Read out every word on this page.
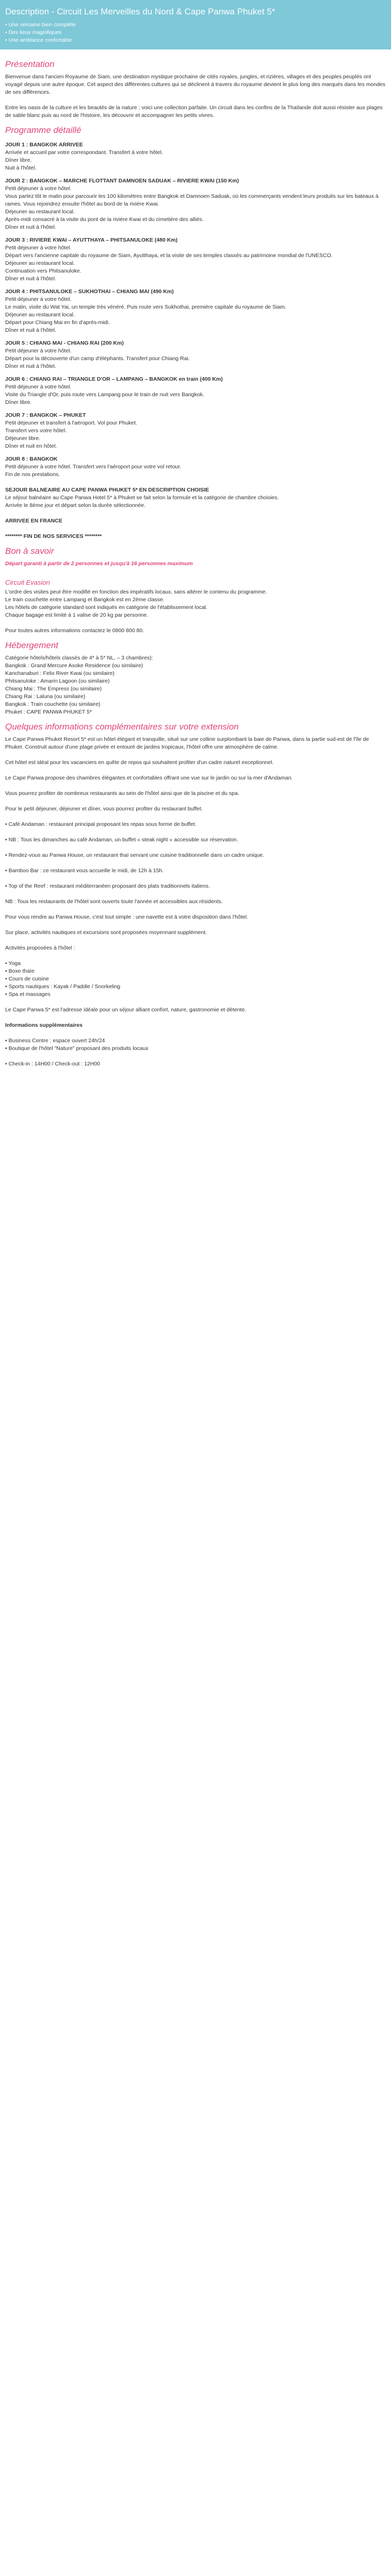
Description - Circuit Les Merveilles du Nord & Cape Panwa Phuket 5*
• Une semaine bien complète
• Des lieux magnifiques
• Une ambiance confortable
Présentation

Bienvenue dans l'ancien Royaume de Siam, une destination mystique prochaine de cités royales, jungles, et rizières, villages et des peuples peuplés ont voyagé depuis une autre époque. Cet aspect des différentes cultures qui se déclinent à travers du royaume devient le plus long des marqués dans les mondes de ses différences.

Entre les oasis de la culture et les beautés de la nature ; voici une collection parfaite. Un circuit dans les confins de la Thaïlande doit aussi résister aux plages de sable blanc puis au nord de l'histoire, les découvrir et accompagner les petits vivres.

Programme détaillé
JOUR 1 : BANGKOK ARRIVEE
Arrivée et accueil par votre correspondant. Transfert à votre hôtel.
Dîner libre.
Nuit à l'hôtel.
JOUR 2 : BANGKOK – MARCHE FLOTTANT DAMNOEN SADUAK – RIVIERE KWAI (150 Km)
Petit déjeuner à votre hôtel.
Vous partez tôt le matin pour parcourir les 100 kilomètres entre Bangkok et Damnoen Saduak, où les commerçants vendent leurs produits sur les bateaux à rames. Vous rejoindrez ensuite l'hôtel au bord de la rivière Kwai.
Déjeuner au restaurant local.
Après-midi consacré à la visite du pont de la rivière Kwai et du cimetière des alliés.
Dîner et nuit à l'hôtel.
JOUR 3 : RIVIERE KWAI – AYUTTHAYA – PHITSANULOKE (480 Km)
Petit déjeuner à votre hôtel.
Départ vers l'ancienne capitale du royaume de Siam, Ayutthaya, et la visite de ses temples classés au patrimoine mondial de l'UNESCO.
Déjeuner au restaurant local.
Continuation vers Phitsanuloke.
Dîner et nuit à l'hôtel.
JOUR 4 : PHITSANULOKE – SUKHOTHAI – CHIANG MAI (490 Km)
Petit déjeuner à votre hôtel.
Le matin, visite du Wat Yai, un temple très vénéré. Puis route vers Sukhothai, première capitale du royaume de Siam.
Déjeuner au restaurant local.
Départ pour Chiang Mai en fin d'après-midi.
Dîner et nuit à l'hôtel.
JOUR 5 : CHIANG MAI - CHIANG RAI (200 Km)
Petit déjeuner à votre hôtel.
Départ pour la découverte d'un camp d'éléphants. Transfert pour Chiang Rai.
Dîner et nuit à l'hôtel.
JOUR 6 : CHIANG RAI – TRIANGLE D'OR – LAMPANG – BANGKOK en train (400 Km)
Petit déjeuner à votre hôtel.
Visite du Triangle d'Or, puis route vers Lampang pour le train de nuit vers Bangkok.
Dîner libre.
JOUR 7 : BANGKOK – PHUKET
Petit déjeuner et transfert à l'aéroport. Vol pour Phuket.
Transfert vers votre hôtel.
Déjeuner libre.
Dîner et nuit en hôtel.
JOUR 8 : BANGKOK
Petit déjeuner à votre hôtel. Transfert vers l'aéroport pour votre vol retour.
Fin de nos prestations.
SEJOUR BALNEAIRE AU CAPE PANWA PHUKET 5* EN DESCRIPTION CHOISIE
Le séjour balnéaire au Cape Panwa Hotel 5* à Phuket se fait selon la formule et la catégorie de chambre choisies.
Arrivée le 8ème jour et départ selon la durée sélectionnée.
ARRIVEE EN FRANCE
******** FIN DE NOS SERVICES ********
Bon à savoir
Départ garanti à partir de 2 personnes et jusqu'à 16 personnes maximum
Circuit Evasion
L'ordre des visites peut être modifié en fonction des impératifs locaux, sans altérer le contenu du programme.
Le train couchette entre Lampang et Bangkok est en 2ème classe.
Les hôtels de catégorie standard sont indiqués en catégorie de l'établissement local.
Chaque bagage est limité à 1 valise de 20 kg par personne.
Pour toutes autres informations contactez le 0800 800 80.
Hébergement
Catégorie hôtels/hôtels classés de 4* à 5* NL, – 3 chambres):
Bangkok : Grand Mercure Asoke Residence (ou similaire)
Kanchanaburi : Felix River Kwai (ou similaire)
Phitsanuloke : Amarin Lagoon (ou similaire)
Chiang Mai : The Empress (ou similaire)
Chiang Rai : Laluna (ou similaire)
Bangkok : Train couchette (ou similaire)
Phuket : CAPE PANWA PHUKET 5*
Quelques informations complémentaires sur votre extension

Le Cape Panwa Phuket Resort 5* est un hôtel élégant et tranquille, situé sur une colline surplombant la baie de Panwa, dans la partie sud-est de l'île de Phuket. Construit autour d'une plage privée et entouré de jardins tropicaux, l'hôtel offre une atmosphère de calme.

Cet hôtel est idéal pour les vacanciers en quête de repos qui souhaitent profiter d'un cadre naturel exceptionnel.

Le Cape Panwa propose des chambres élégantes et confortables offrant une vue sur le jardin ou sur la mer d'Andaman.

Vous pourrez profiter de nombreux restaurants au sein de l'hôtel ainsi que de la piscine et du spa.

Pour le petit déjeuner, déjeuner et dîner, vous pourrez profiter du restaurant buffet.

• Café Andaman : restaurant principal proposant les repas sous forme de buffet.
• NB : Tous les dimanches au café Andaman, un buffet « steak night » accessible sur réservation.
• Rendez-vous au Panwa House, un restaurant thaï servant une cuisine traditionnelle dans un cadre unique.
• Bamboo Bar : ce restaurant vous accueille le midi, de 12h à 15h.
• Top of the Reef : restaurant méditerranéen proposant des plats traditionnels italiens.

NB : Tous les restaurants de l'hôtel sont ouverts toute l'année et accessibles aux résidents.

Pour vous rendre au Panwa House, c'est tout simple : une navette est à votre disposition dans l'hôtel.

Sur place, activités nautiques et excursions sont proposées moyennant supplément.

Activités proposées à l'hôtel :
• Yoga
• Boxe thaïe
• Cours de cuisine
• Sports nautiques : Kayak / Paddle / Snorkeling
• Spa et massages

Le Cape Panwa 5* est l'adresse idéale pour un séjour alliant confort, nature, gastronomie et détente.

Informations supplémentaires
• Business Centre : espace ouvert 24h/24
• Boutique de l'hôtel "Nature" proposant des produits locaux
• Check-in : 14H00 / Check-out : 12H00
